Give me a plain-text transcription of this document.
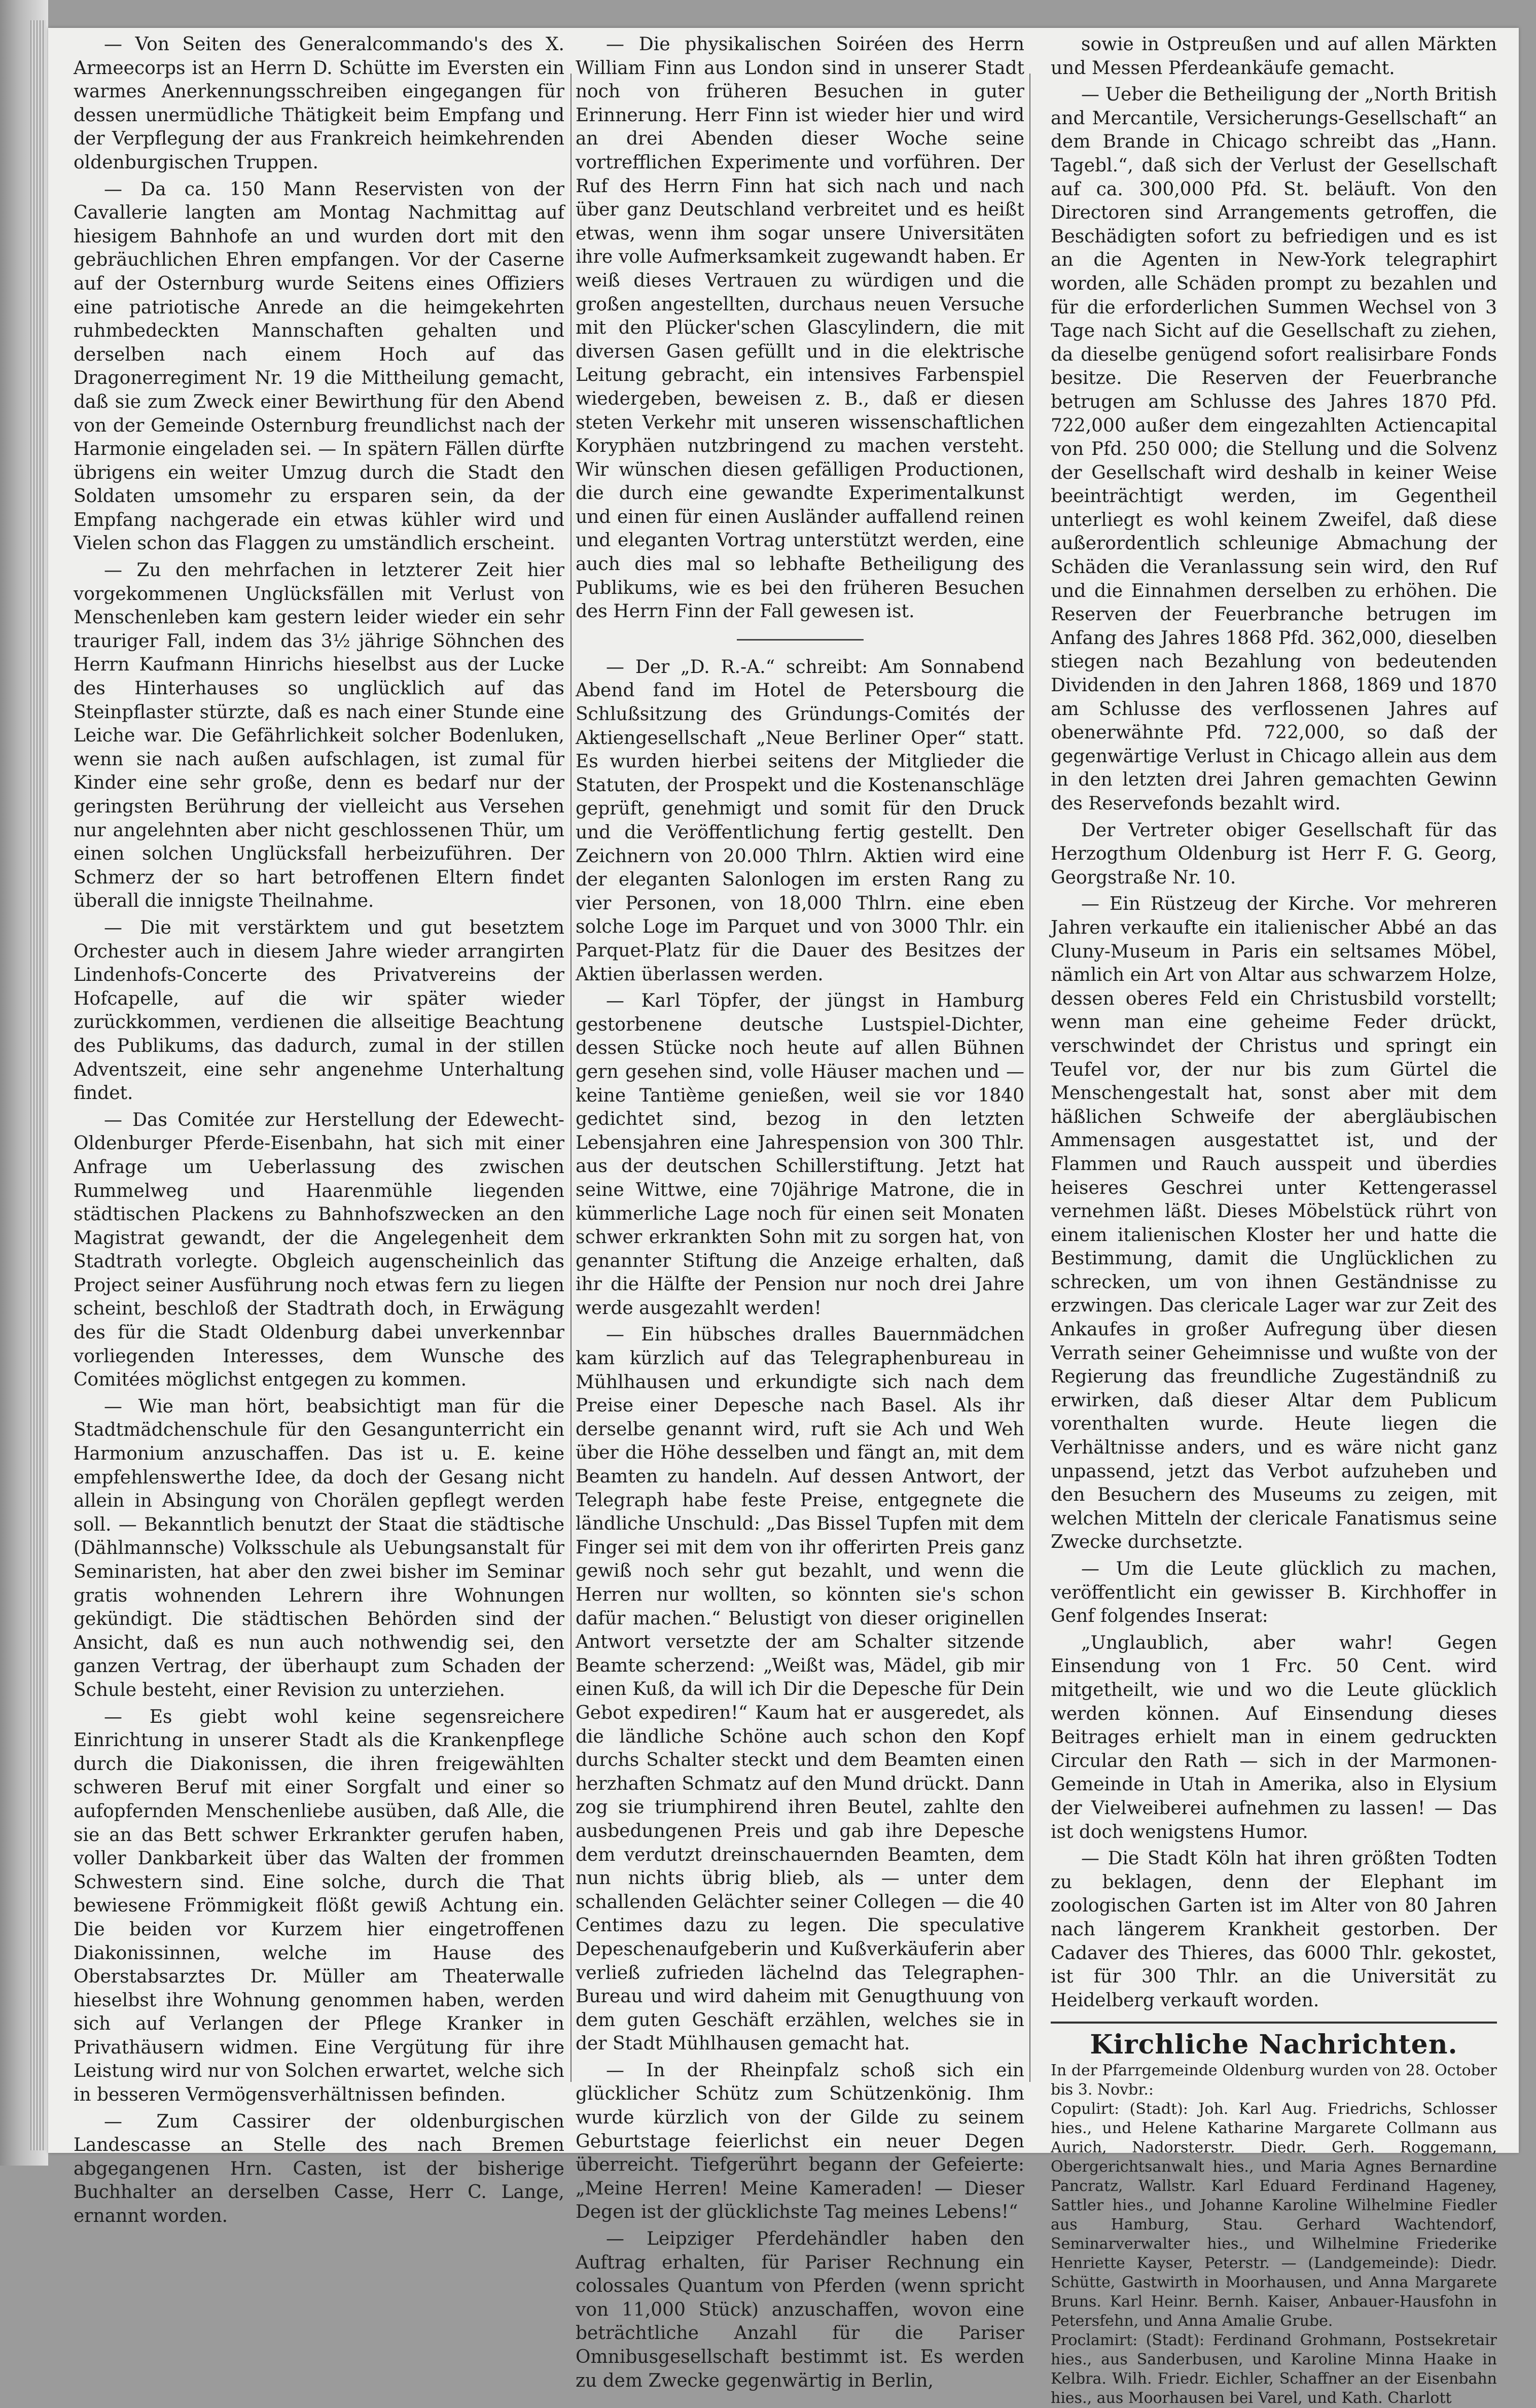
— Von Seiten des Generalcommando's des X. Armeecorps ist an Herrn D. Schütte im Eversten ein warmes Anerkennungsschreiben eingegangen für dessen unermüdliche Thätigkeit beim Empfang und der Verpflegung der aus Frankreich heimkehrenden oldenburgischen Truppen.

— Da ca. 150 Mann Reservisten von der Cavallerie langten am Montag Nachmittag auf hiesigem Bahnhofe an und wurden dort mit den gebräuchlichen Ehren empfangen. Vor der Caserne auf der Osternburg wurde Seitens eines Offiziers eine patriotische Anrede an die heimgekehrten ruhmbedeckten Mannschaften gehalten und derselben nach einem Hoch auf das Dragonerregiment Nr. 19 die Mittheilung gemacht, daß sie zum Zweck einer Bewirthung für den Abend von der Gemeinde Osternburg freundlichst nach der Harmonie eingeladen sei. — In spätern Fällen dürfte übrigens ein weiter Umzug durch die Stadt den Soldaten umsomehr zu ersparen sein, da der Empfang nachgerade ein etwas kühler wird und Vielen schon das Flaggen zu umständlich erscheint.

— Zu den mehrfachen in letzterer Zeit hier vorgekommenen Unglücksfällen mit Verlust von Menschenleben kam gestern leider wieder ein sehr trauriger Fall, indem das 3½ jährige Söhnchen des Herrn Kaufmann Hinrichs hieselbst aus der Lucke des Hinterhauses so unglücklich auf das Steinpflaster stürzte, daß es nach einer Stunde eine Leiche war. Die Gefährlichkeit solcher Bodenluken, wenn sie nach außen aufschlagen, ist zumal für Kinder eine sehr große, denn es bedarf nur der geringsten Berührung der vielleicht aus Versehen nur angelehnten aber nicht geschlossenen Thür, um einen solchen Unglücksfall herbeizuführen. Der Schmerz der so hart betroffenen Eltern findet überall die innigste Theilnahme.

— Die mit verstärktem und gut besetztem Orchester auch in diesem Jahre wieder arrangirten Lindenhofs-Concerte des Privatvereins der Hofcapelle, auf die wir später wieder zurückkommen, verdienen die allseitige Beachtung des Publikums, das dadurch, zumal in der stillen Adventszeit, eine sehr angenehme Unterhaltung findet.

— Das Comitée zur Herstellung der Edewecht-Oldenburger Pferde-Eisenbahn, hat sich mit einer Anfrage um Ueberlassung des zwischen Rummelweg und Haarenmühle liegenden städtischen Plackens zu Bahnhofszwecken an den Magistrat gewandt, der die Angelegenheit dem Stadtrath vorlegte. Obgleich augenscheinlich das Project seiner Ausführung noch etwas fern zu liegen scheint, beschloß der Stadtrath doch, in Erwägung des für die Stadt Oldenburg dabei unverkennbar vorliegenden Interesses, dem Wunsche des Comitées möglichst entgegen zu kommen.

— Wie man hört, beabsichtigt man für die Stadtmädchenschule für den Gesangunterricht ein Harmonium anzuschaffen. Das ist u. E. keine empfehlenswerthe Idee, da doch der Gesang nicht allein in Absingung von Chorälen gepflegt werden soll. — Bekanntlich benutzt der Staat die städtische (Dählmannsche) Volksschule als Uebungsanstalt für Seminaristen, hat aber den zwei bisher im Seminar gratis wohnenden Lehrern ihre Wohnungen gekündigt. Die städtischen Behörden sind der Ansicht, daß es nun auch nothwendig sei, den ganzen Vertrag, der überhaupt zum Schaden der Schule besteht, einer Revision zu unterziehen.

— Es giebt wohl keine segensreichere Einrichtung in unserer Stadt als die Krankenpflege durch die Diakonissen, die ihren freigewählten schweren Beruf mit einer Sorgfalt und einer so aufopfernden Menschenliebe ausüben, daß Alle, die sie an das Bett schwer Erkrankter gerufen haben, voller Dankbarkeit über das Walten der frommen Schwestern sind. Eine solche, durch die That bewiesene Frömmigkeit flößt gewiß Achtung ein. Die beiden vor Kurzem hier eingetroffenen Diakonissinnen, welche im Hause des Oberstabsarztes Dr. Müller am Theaterwalle hieselbst ihre Wohnung genommen haben, werden sich auf Verlangen der Pflege Kranker in Privathäusern widmen. Eine Vergütung für ihre Leistung wird nur von Solchen erwartet, welche sich in besseren Vermögensverhältnissen befinden.

— Zum Cassirer der oldenburgischen Landescasse an Stelle des nach Bremen abgegangenen Hrn. Casten, ist der bisherige Buchhalter an derselben Casse, Herr C. Lange, ernannt worden.

— Die physikalischen Soiréen des Herrn William Finn aus London sind in unserer Stadt noch von früheren Besuchen in guter Erinnerung. Herr Finn ist wieder hier und wird an drei Abenden dieser Woche seine vortrefflichen Experimente und vorführen. Der Ruf des Herrn Finn hat sich nach und nach über ganz Deutschland verbreitet und es heißt etwas, wenn ihm sogar unsere Universitäten ihre volle Aufmerksamkeit zugewandt haben. Er weiß dieses Vertrauen zu würdigen und die großen angestellten, durchaus neuen Versuche mit den Plücker'schen Glascylindern, die mit diversen Gasen gefüllt und in die elektrische Leitung gebracht, ein intensives Farbenspiel wiedergeben, beweisen z. B., daß er diesen steten Verkehr mit unseren wissenschaftlichen Koryphäen nutzbringend zu machen versteht. Wir wünschen diesen gefälligen Productionen, die durch eine gewandte Experimentalkunst und einen für einen Ausländer auffallend reinen und eleganten Vortrag unterstützt werden, eine auch dies mal so lebhafte Betheiligung des Publikums, wie es bei den früheren Besuchen des Herrn Finn der Fall gewesen ist.

— Der „D. R.-A.“ schreibt: Am Sonnabend Abend fand im Hotel de Petersbourg die Schlußsitzung des Gründungs-Comités der Aktiengesellschaft „Neue Berliner Oper“ statt. Es wurden hierbei seitens der Mitglieder die Statuten, der Prospekt und die Kostenanschläge geprüft, genehmigt und somit für den Druck und die Veröffentlichung fertig gestellt. Den Zeichnern von 20.000 Thlrn. Aktien wird eine der eleganten Salonlogen im ersten Rang zu vier Personen, von 18,000 Thlrn. eine eben solche Loge im Parquet und von 3000 Thlr. ein Parquet-Platz für die Dauer des Besitzes der Aktien überlassen werden.

— Karl Töpfer, der jüngst in Hamburg gestorbenene deutsche Lustspiel-Dichter, dessen Stücke noch heute auf allen Bühnen gern gesehen sind, volle Häuser machen und — keine Tantième genießen, weil sie vor 1840 gedichtet sind, bezog in den letzten Lebensjahren eine Jahrespension von 300 Thlr. aus der deutschen Schillerstiftung. Jetzt hat seine Wittwe, eine 70jährige Matrone, die in kümmerliche Lage noch für einen seit Monaten schwer erkrankten Sohn mit zu sorgen hat, von genannter Stiftung die Anzeige erhalten, daß ihr die Hälfte der Pension nur noch drei Jahre werde ausgezahlt werden!

— Ein hübsches dralles Bauernmädchen kam kürzlich auf das Telegraphenbureau in Mühlhausen und erkundigte sich nach dem Preise einer Depesche nach Basel. Als ihr derselbe genannt wird, ruft sie Ach und Weh über die Höhe desselben und fängt an, mit dem Beamten zu handeln. Auf dessen Antwort, der Telegraph habe feste Preise, entgegnete die ländliche Unschuld: „Das Bissel Tupfen mit dem Finger sei mit dem von ihr offerirten Preis ganz gewiß noch sehr gut bezahlt, und wenn die Herren nur wollten, so könnten sie's schon dafür machen.“ Belustigt von dieser originellen Antwort versetzte der am Schalter sitzende Beamte scherzend: „Weißt was, Mädel, gib mir einen Kuß, da will ich Dir die Depesche für Dein Gebot expediren!“ Kaum hat er ausgeredet, als die ländliche Schöne auch schon den Kopf durchs Schalter steckt und dem Beamten einen herzhaften Schmatz auf den Mund drückt. Dann zog sie triumphirend ihren Beutel, zahlte den ausbedungenen Preis und gab ihre Depesche dem verdutzt dreinschauernden Beamten, dem nun nichts übrig blieb, als — unter dem schallenden Gelächter seiner Collegen — die 40 Centimes dazu zu legen. Die speculative Depeschenaufgeberin und Kußverkäuferin aber verließ zufrieden lächelnd das Telegraphen-Bureau und wird daheim mit Genugthuung von dem guten Geschäft erzählen, welches sie in der Stadt Mühlhausen gemacht hat.

— In der Rheinpfalz schoß sich ein glücklicher Schütz zum Schützenkönig. Ihm wurde kürzlich von der Gilde zu seinem Geburtstage feierlichst ein neuer Degen überreicht. Tiefgerührt begann der Gefeierte: „Meine Herren! Meine Kameraden! — Dieser Degen ist der glücklichste Tag meines Lebens!“

— Leipziger Pferdehändler haben den Auftrag erhalten, für Pariser Rechnung ein colossales Quantum von Pferden (wenn spricht von 11,000 Stück) anzuschaffen, wovon eine beträchtliche Anzahl für die Pariser Omnibusgesellschaft bestimmt ist. Es werden zu dem Zwecke gegenwärtig in Berlin,

sowie in Ostpreußen und auf allen Märkten und Messen Pferdeankäufe gemacht.

— Ueber die Betheiligung der „North British and Mercantile, Versicherungs-Gesellschaft“ an dem Brande in Chicago schreibt das „Hann. Tagebl.“, daß sich der Verlust der Gesellschaft auf ca. 300,000 Pfd. St. beläuft. Von den Directoren sind Arrangements getroffen, die Beschädigten sofort zu befriedigen und es ist an die Agenten in New-York telegraphirt worden, alle Schäden prompt zu bezahlen und für die erforderlichen Summen Wechsel von 3 Tage nach Sicht auf die Gesellschaft zu ziehen, da dieselbe genügend sofort realisirbare Fonds besitze. Die Reserven der Feuerbranche betrugen am Schlusse des Jahres 1870 Pfd. 722,000 außer dem eingezahlten Actiencapital von Pfd. 250 000; die Stellung und die Solvenz der Gesellschaft wird deshalb in keiner Weise beeinträchtigt werden, im Gegentheil unterliegt es wohl keinem Zweifel, daß diese außerordentlich schleunige Abmachung der Schäden die Veranlassung sein wird, den Ruf und die Einnahmen derselben zu erhöhen. Die Reserven der Feuerbranche betrugen im Anfang des Jahres 1868 Pfd. 362,000, dieselben stiegen nach Bezahlung von bedeutenden Dividenden in den Jahren 1868, 1869 und 1870 am Schlusse des verflossenen Jahres auf obenerwähnte Pfd. 722,000, so daß der gegenwärtige Verlust in Chicago allein aus dem in den letzten drei Jahren gemachten Gewinn des Reservefonds bezahlt wird.

Der Vertreter obiger Gesellschaft für das Herzogthum Oldenburg ist Herr F. G. Georg, Georgstraße Nr. 10.

— Ein Rüstzeug der Kirche. Vor mehreren Jahren verkaufte ein italienischer Abbé an das Cluny-Museum in Paris ein seltsames Möbel, nämlich ein Art von Altar aus schwarzem Holze, dessen oberes Feld ein Christusbild vorstellt; wenn man eine geheime Feder drückt, verschwindet der Christus und springt ein Teufel vor, der nur bis zum Gürtel die Menschengestalt hat, sonst aber mit dem häßlichen Schweife der abergläubischen Ammensagen ausgestattet ist, und der Flammen und Rauch ausspeit und überdies heiseres Geschrei unter Kettengerassel vernehmen läßt. Dieses Möbelstück rührt von einem italienischen Kloster her und hatte die Bestimmung, damit die Unglücklichen zu schrecken, um von ihnen Geständnisse zu erzwingen. Das clericale Lager war zur Zeit des Ankaufes in großer Aufregung über diesen Verrath seiner Geheimnisse und wußte von der Regierung das freundliche Zugeständniß zu erwirken, daß dieser Altar dem Publicum vorenthalten wurde. Heute liegen die Verhältnisse anders, und es wäre nicht ganz unpassend, jetzt das Verbot aufzuheben und den Besuchern des Museums zu zeigen, mit welchen Mitteln der clericale Fanatismus seine Zwecke durchsetzte.

— Um die Leute glücklich zu machen, veröffentlicht ein gewisser B. Kirchhoffer in Genf folgendes Inserat:

„Unglaublich, aber wahr! Gegen Einsendung von 1 Frc. 50 Cent. wird mitgetheilt, wie und wo die Leute glücklich werden können. Auf Einsendung dieses Beitrages erhielt man in einem gedruckten Circular den Rath — sich in der Marmonen-Gemeinde in Utah in Amerika, also in Elysium der Vielweiberei aufnehmen zu lassen! — Das ist doch wenigstens Humor.

— Die Stadt Köln hat ihren größten Todten zu beklagen, denn der Elephant im zoologischen Garten ist im Alter von 80 Jahren nach längerem Krankheit gestorben. Der Cadaver des Thieres, das 6000 Thlr. gekostet, ist für 300 Thlr. an die Universität zu Heidelberg verkauft worden.

Kirchliche Nachrichten.

In der Pfarrgemeinde Oldenburg wurden von 28. October bis 3. Novbr.:

Copulirt: (Stadt): Joh. Karl Aug. Friedrichs, Schlosser hies., und Helene Katharine Margarete Collmann aus Aurich, Nadorsterstr. Diedr. Gerh. Roggemann, Obergerichtsanwalt hies., und Maria Agnes Bernardine Pancratz, Wallstr. Karl Eduard Ferdinand Hageney, Sattler hies., und Johanne Karoline Wilhelmine Fiedler aus Hamburg, Stau. Gerhard Wachtendorf, Seminarverwalter hies., und Wilhelmine Friederike Henriette Kayser, Peterstr. — (Landgemeinde): Diedr. Schütte, Gastwirth in Moorhausen, und Anna Margarete Bruns. Karl Heinr. Bernh. Kaiser, Anbauer-Hausfohn in Petersfehn, und Anna Amalie Grube.

Proclamirt: (Stadt): Ferdinand Grohmann, Postsekretair hies., aus Sanderbusen, und Karoline Minna Haake in Kelbra. Wilh. Friedr. Eichler, Schaffner an der Eisenbahn hies., aus Moorhausen bei Varel, und Kath. Charlott
